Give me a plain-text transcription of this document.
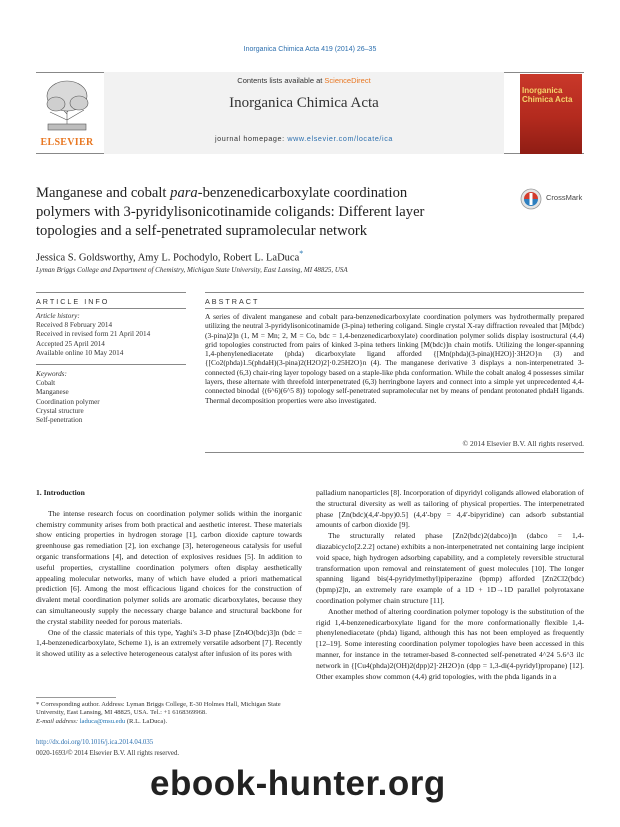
Inorganica Chimica Acta 419 (2014) 26–35
ELSEVIER
Contents lists available at ScienceDirect
Inorganica Chimica Acta
journal homepage: www.elsevier.com/locate/ica
Inorganica Chimica Acta
Manganese and cobalt para-benzenedicarboxylate coordination
polymers with 3-pyridylisonicotinamide coligands: Different layer
topologies and a self-penetrated supramolecular network
CrossMark
Jessica S. Goldsworthy, Amy L. Pochodylo, Robert L. LaDuca*
Lyman Briggs College and Department of Chemistry, Michigan State University, East Lansing, MI 48825, USA
ARTICLE INFO	ABSTRACT
Article history:
Received 8 February 2014
Received in revised form 21 April 2014
Accepted 25 April 2014
Available online 10 May 2014
Keywords:
Cobalt
Manganese
Coordination polymer
Crystal structure
Self-penetration
A series of divalent manganese and cobalt para-benzenedicarboxylate coordination polymers was hydrothermally prepared utilizing the neutral 3-pyridylisonicotinamide (3-pina) tethering coligand. Single crystal X-ray diffraction revealed that [M(bdc)(3-pina)2]n (1, M = Mn; 2, M = Co, bdc = 1,4-benzenedicarboxylate) coordination polymer solids display isostructural (4,4) grid topologies constructed from pairs of kinked 3-pina tethers linking [M(bdc)]n chain motifs. Utilizing the longer-spanning 1,4-phenylenediacetate (phda) dicarboxylate ligand afforded {[Mn(phda)(3-pina)(H2O)]·3H2O}n (3) and {[Co2(phda)1.5(phdaH)(3-pina)2(H2O)2]·0.25H2O}n (4). The manganese derivative 3 displays a non-interpenetrated 3-connected (6,3) chair-ring layer topology based on a staple-like phda conformation. While the cobalt analog 4 possesses similar layers, these alternate with threefold interpenetrated (6,3) herringbone layers and connect into a simple yet unprecedented 4,4-connected binodal {(6^6)(6^5 8)} topology self-penetrated supramolecular net by means of pendant protonated phdaH ligands. Thermal decomposition properties were also investigated.
© 2014 Elsevier B.V. All rights reserved.
1. Introduction

The intense research focus on coordination polymer solids within the inorganic chemistry community arises from both practical and aesthetic interest. These materials show enticing properties in hydrogen storage [1], carbon dioxide capture towards greenhouse gas remediation [2], ion exchange [3], heterogeneous catalysis for useful organic transformations [4], and detection of explosives residues [5]. In addition to useful properties, crystalline coordination polymers often display aesthetically appealing molecular networks, many of which have eluded a priori mathematical prediction [6]. Among the most efficacious ligand choices for the construction of divalent metal coordination polymer solids are aromatic dicarboxylates, because they can simultaneously supply the necessary charge balance and structural backbone for the crystal stability needed for porous materials.

One of the classic materials of this type, Yaghi's 3-D phase [Zn4O(bdc)3]n (bdc = 1,4-benzenedicarboxylate, Scheme 1), is an extremely versatile adsorbent [7]. Recently it showed utility as a selective heterogeneous catalyst after infusion of its pores with

palladium nanoparticles [8]. Incorporation of dipyridyl coligands allowed elaboration of the structural diversity as well as tailoring of physical properties. The interpenetrated phase [Zn(bdc)(4,4′-bpy)0.5] (4,4′-bpy = 4,4′-bipyridine) can adsorb substantial amounts of carbon dioxide [9].

The structurally related phase [Zn2(bdc)2(dabco)]n (dabco = 1,4-diazabicyclo[2.2.2] octane) exhibits a non-interpenetrated net containing large incipient void space, high hydrogen adsorbing capability, and a completely reversible structural transformation upon removal and reinstatement of guest molecules [10]. The longer spanning ligand bis(4-pyridylmethyl)piperazine (bpmp) afforded [Zn2Cl2(bdc)(bpmp)2]n, an extremely rare example of a 1D + 1D→1D parallel polyrotaxane coordination polymer chain structure [11].

Another method of altering coordination polymer topology is the substitution of the rigid 1,4-benzenedicarboxylate ligand for the more conformationally flexible 1,4-phenylenediacetate (phda) ligand, although this has not been employed as frequently [12–19]. Some interesting coordination polymer topologies have been accessed in this manner, for instance in the tetramer-based 8-connected self-penetrated 4^24 5.6^3 ilc network in {[Cu4(phda)2(OH)2(dpp)2]·2H2O}n (dpp = 1,3-di(4-pyridyl)propane) [12]. Other examples show common (4,4) grid topologies, with the phda ligands in a

* Corresponding author. Address: Lyman Briggs College, E-30 Holmes Hall, Michigan State University, East Lansing, MI 48825, USA. Tel.: +1 6168369968.
E-mail address: laduca@msu.edu (R.L. LaDuca).
http://dx.doi.org/10.1016/j.ica.2014.04.035
0020-1693/© 2014 Elsevier B.V. All rights reserved.
ebook-hunter.org
